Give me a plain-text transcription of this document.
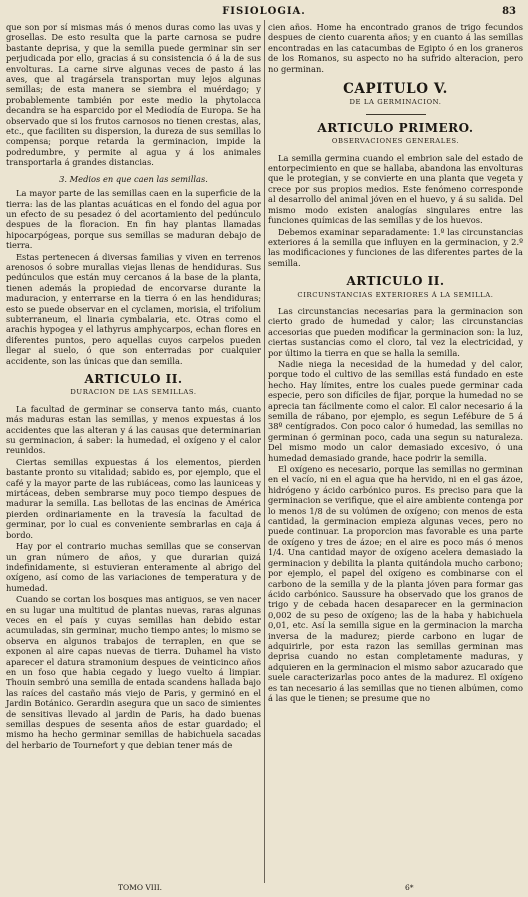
FISIOLOGIA.	83

que son por sí mismas más ó menos duras como las uvas y grosellas. De esto resulta que la parte carnosa se pudre bastante deprisa, y que la semilla puede germinar sin ser perjudicada por ello, gracias á su consistencia ó á la de sus envolturas. La carne sirve algunas veces de pasto á las aves, que al tragársela transportan muy lejos algunas semillas; de esta manera se siembra el muérdago; y probablemente también por este medio la phytolacca decandra se ha esparcido por el Mediodía de Europa. Se ha observado que si los frutos carnosos no tienen crestas, alas, etc., que faciliten su dispersion, la dureza de sus semillas lo compensa; porque retarda la germinacion, impide la podredumbre, y permite al agua y á los animales transportarla á grandes distancias.

3. Medios en que caen las semillas.

La mayor parte de las semillas caen en la superficie de la tierra: las de las plantas acuáticas en el fondo del agua por un efecto de su pesadez ó del acortamiento del pedúnculo despues de la floracion. En fin hay plantas llamadas hipocarpógeas, porque sus semillas se maduran debajo de tierra.

Estas pertenecen á diversas familias y viven en terrenos arenosos ó sobre murallas viejas llenas de hendiduras. Sus pedúnculos que están muy cercanos á la base de la planta, tienen además la propiedad de encorvarse durante la maduracion, y enterrarse en la tierra ó en las hendiduras; esto se puede observar en el cyclamen, morisia, el trifolium subterraneum, el linaria cymbalaria, etc. Otras como el arachis hypogea y el lathyrus amphycarpos, echan flores en diferentes puntos, pero aquellas cuyos carpelos pueden llegar al suelo, ó que son enterradas por cualquier accidente, son las únicas que dan semilla.

ARTICULO II.
DURACION DE LAS SEMILLAS.

La facultad de germinar se conserva tanto más, cuanto más maduras estan las semillas, y menos expuestas á los accidentes que las alteran y á las causas que determinarian su germinacion, á saber: la humedad, el oxígeno y el calor reunidos.

Ciertas semillas expuestas á los elementos, pierden bastante pronto su vitalidad; sabido es, por ejemplo, que el café y la mayor parte de las rubiáceas, como las launiceas y mirtáceas, deben sembrarse muy poco tiempo despues de madurar la semilla. Las bellotas de las encinas de América pierden ordinariamente en la travesía la facultad de germinar, por lo cual es conveniente sembrarlas en caja á bordo.

Hay por el contrario muchas semillas que se conservan un gran número de años, y que durarian quizá indefinidamente, si estuvieran enteramente al abrigo del oxígeno, así como de las variaciones de temperatura y de humedad.

Cuando se cortan los bosques mas antiguos, se ven nacer en su lugar una multitud de plantas nuevas, raras algunas veces en el país y cuyas semillas han debido estar acumuladas, sin germinar, mucho tiempo antes; lo mismo se observa en algunos trabajos de terraplen, en que se exponen al aire capas nuevas de tierra. Duhamel ha visto aparecer el datura stramonium despues de veinticinco años en un foso que habia cegado y luego vuelto á limpiar. Thouin sembró una semilla de entada scandens hallada bajo las raíces del castaño más viejo de Paris, y germinó en el Jardin Botánico. Gerardin asegura que un saco de simientes de sensitivas llevado al jardin de Paris, ha dado buenas semillas despues de sesenta años de estar guardado; el mismo ha hecho germinar semillas de habichuela sacadas del herbario de Tournefort y que debian tener más de

cien años. Home ha encontrado granos de trigo fecundos despues de ciento cuarenta años; y en cuanto á las semillas encontradas en las catacumbas de Egipto ó en los graneros de los Romanos, su aspecto no ha sufrido alteracion, pero no germinan.

CAPITULO V.
DE LA GERMINACION.
ARTICULO PRIMERO.
OBSERVACIONES GENERALES.

La semilla germina cuando el embrion sale del estado de entorpecimiento en que se hallaba, abandona las envolturas que le protegian, y se convierte en una planta que vegeta y crece por sus propios medios. Este fenómeno corresponde al desarrollo del animal jóven en el huevo, y á su salida. Del mismo modo existen analogías singulares entre las funciones químicas de las semillas y de los huevos.

Debemos examinar separadamente: 1.º las circunstancias exteriores á la semilla que influyen en la germinacion, y 2.º las modificaciones y funciones de las diferentes partes de la semilla.

ARTICULO II.
CIRCUNSTANCIAS EXTERIORES Á LA SEMILLA.

Las circunstancias necesarias para la germinacion son cierto grado de humedad y calor; las circunstancias accesorias que pueden modificar la germinacion son: la luz, ciertas sustancias como el cloro, tal vez la electricidad, y por último la tierra en que se halla la semilla.

Nadie niega la necesidad de la humedad y del calor, porque todo el cultivo de las semillas está fundado en este hecho. Hay límites, entre los cuales puede germinar cada especie, pero son difíciles de fijar, porque la humedad no se aprecia tan fácilmente como el calor. El calor necesario á la semilla de rábano, por ejemplo, es segun Lefébure de 5 á 38º centígrados. Con poco calor ó humedad, las semillas no germinan ó germinan poco, cada una segun su naturaleza. Del mismo modo un calor demasiado excesivo, ó una humedad demasiado grande, hace podrir la semilla.

El oxígeno es necesario, porque las semillas no germinan en el vacío, ni en el agua que ha hervido, ni en el gas ázoe, hidrógeno y ácido carbónico puros. Es preciso para que la germinacion se verifique, que el aire ambiente contenga por lo menos 1/8 de su volúmen de oxígeno; con menos de esta cantidad, la germinacion empieza algunas veces, pero no puede continuar. La proporcion mas favorable es una parte de oxígeno y tres de ázoe; en el aire es poco más ó menos 1/4. Una cantidad mayor de oxígeno acelera demasiado la germinacion y debilita la planta quitándola mucho carbono; por ejemplo, el papel del oxígeno es combinarse con el carbono de la semilla y de la planta jóven para formar gas ácido carbónico. Saussure ha observado que los granos de trigo y de cebada hacen desaparecer en la germinacion 0,002 de su peso de oxígeno; las de la haba y habichuela 0,01, etc. Así la semilla sigue en la germinacion la marcha inversa de la madurez; pierde carbono en lugar de adquirirle, por esta razon las semillas germinan mas deprisa cuando no estan completamente maduras, y adquieren en la germinacion el mismo sabor azucarado que suele caracterizarlas poco antes de la madurez. El oxígeno es tan necesario á las semillas que no tienen albúmen, como á las que le tienen; se presume que no

TOMO VIII.	6*
